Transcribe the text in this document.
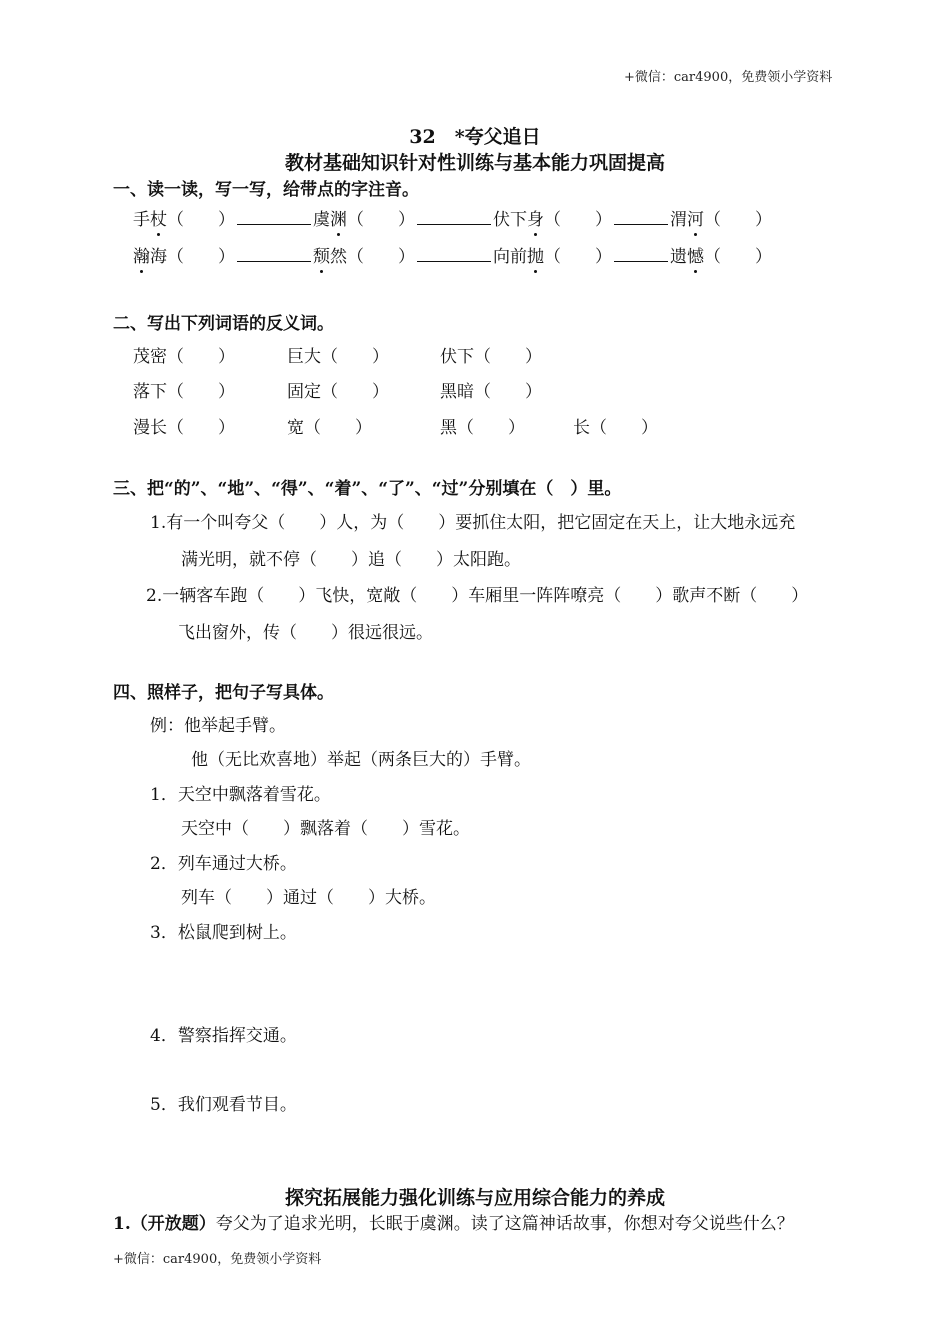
+微信：car4900，免费领小学资料
32　*夸父追日
教材基础知识针对性训练与基本能力巩固提高
一、读一读，写一写，给带点的字注音。
手杖（　　）	虞渊（　　）	伏下身（　　）	渭河（　　）
瀚海（　　）	颓然（　　）	向前抛（　　）	遗憾（　　）
二、写出下列词语的反义词。
茂密（　　）	巨大（　　）	伏下（　　）
落下（　　）	固定（　　）	黑暗（　　）
漫长（　　）	宽（　　）	黑（　　）	长（　　）
三、把“的”、“地”、“得”、“着”、“了”、“过”分别填在（　）里。
1.有一个叫夸父（　　）人，为（　　）要抓住太阳，把它固定在天上，让大地永远充
满光明，就不停（　　）追（　　）太阳跑。
2.一辆客车跑（　　）飞快，宽敞（　　）车厢里一阵阵嘹亮（　　）歌声不断（　　）
飞出窗外，传（　　）很远很远。
四、照样子，把句子写具体。
例：他举起手臂。
他（无比欢喜地）举起（两条巨大的）手臂。
1．天空中飘落着雪花。
天空中（　　）飘落着（　　）雪花。
2．列车通过大桥。
列车（　　）通过（　　）大桥。
3．松鼠爬到树上。
4．警察指挥交通。
5．我们观看节目。
探究拓展能力强化训练与应用综合能力的养成
1.（开放题）夸父为了追求光明，长眠于虞渊。读了这篇神话故事，你想对夸父说些什么？
+微信：car4900，免费领小学资料
